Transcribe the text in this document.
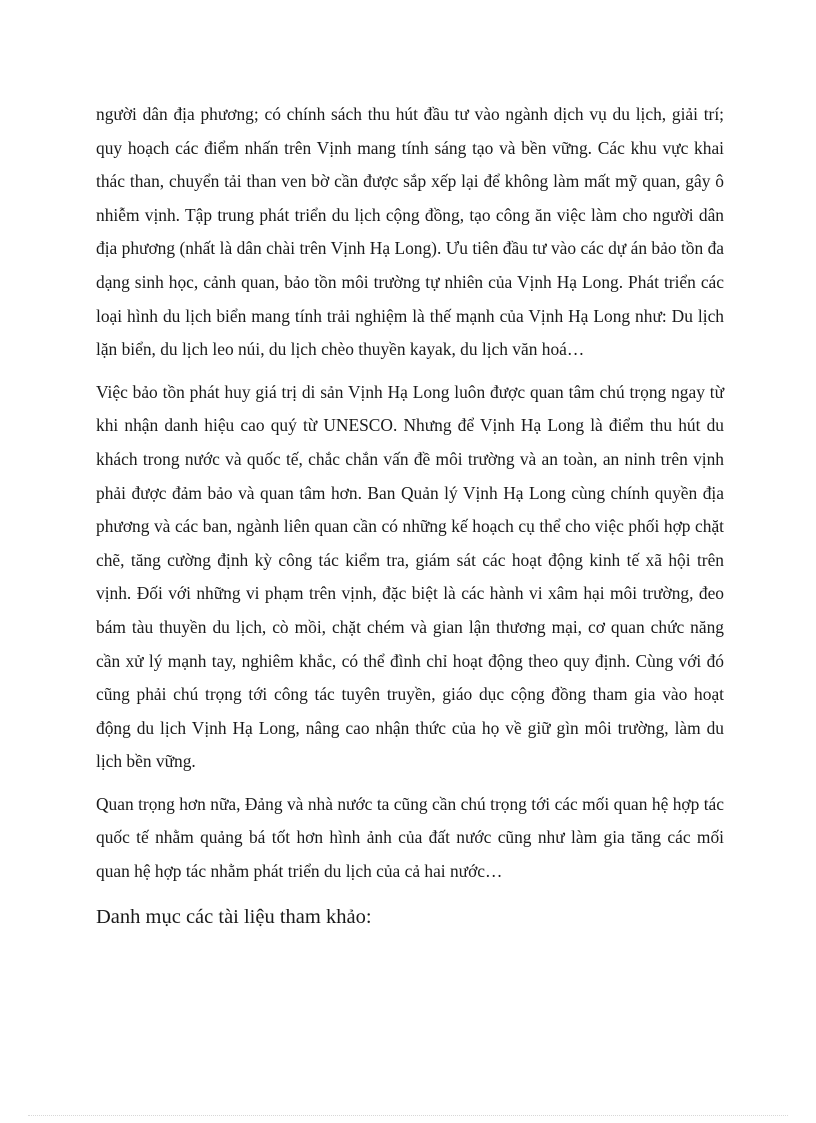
người dân địa phương; có chính sách thu hút đầu tư vào ngành dịch vụ du lịch, giải trí; quy hoạch các điểm nhấn trên Vịnh mang tính sáng tạo và bền vững. Các khu vực khai thác than, chuyển tải than ven bờ cần được sắp xếp lại để không làm mất mỹ quan, gây ô nhiễm vịnh. Tập trung phát triển du lịch cộng đồng, tạo công ăn việc làm cho người dân địa phương (nhất là dân chài trên Vịnh Hạ Long). Ưu tiên đầu tư vào các dự án bảo tồn đa dạng sinh học, cảnh quan, bảo tồn môi trường tự nhiên của Vịnh Hạ Long. Phát triển các loại hình du lịch biển mang tính trải nghiệm là thế mạnh của Vịnh Hạ Long như: Du lịch lặn biển, du lịch leo núi, du lịch chèo thuyền kayak, du lịch văn hoá…

Việc bảo tồn phát huy giá trị di sản Vịnh Hạ Long luôn được quan tâm chú trọng ngay từ khi nhận danh hiệu cao quý từ UNESCO. Nhưng để Vịnh Hạ Long là điểm thu hút du khách trong nước và quốc tế, chắc chắn vấn đề môi trường và an toàn, an ninh trên vịnh phải được đảm bảo và quan tâm hơn. Ban Quản lý Vịnh Hạ Long cùng chính quyền địa phương và các ban, ngành liên quan cần có những kế hoạch cụ thể cho việc phối hợp chặt chẽ, tăng cường định kỳ công tác kiểm tra, giám sát các hoạt động kinh tế xã hội trên vịnh. Đối với những vi phạm trên vịnh, đặc biệt là các hành vi xâm hại môi trường, đeo bám tàu thuyền du lịch, cò mồi, chặt chém và gian lận thương mại, cơ quan chức năng cần xử lý mạnh tay, nghiêm khắc, có thể đình chỉ hoạt động theo quy định. Cùng với đó cũng phải chú trọng tới công tác tuyên truyền, giáo dục cộng đồng tham gia vào hoạt động du lịch Vịnh Hạ Long, nâng cao nhận thức của họ về giữ gìn môi trường, làm du lịch bền vững.

Quan trọng hơn nữa, Đảng và nhà nước ta cũng cần chú trọng tới các mối quan hệ hợp tác quốc tế nhằm quảng bá tốt hơn hình ảnh của đất nước cũng như làm gia tăng các mối quan hệ hợp tác nhằm phát triển du lịch của cả hai nước…

Danh mục các tài liệu tham khảo:
